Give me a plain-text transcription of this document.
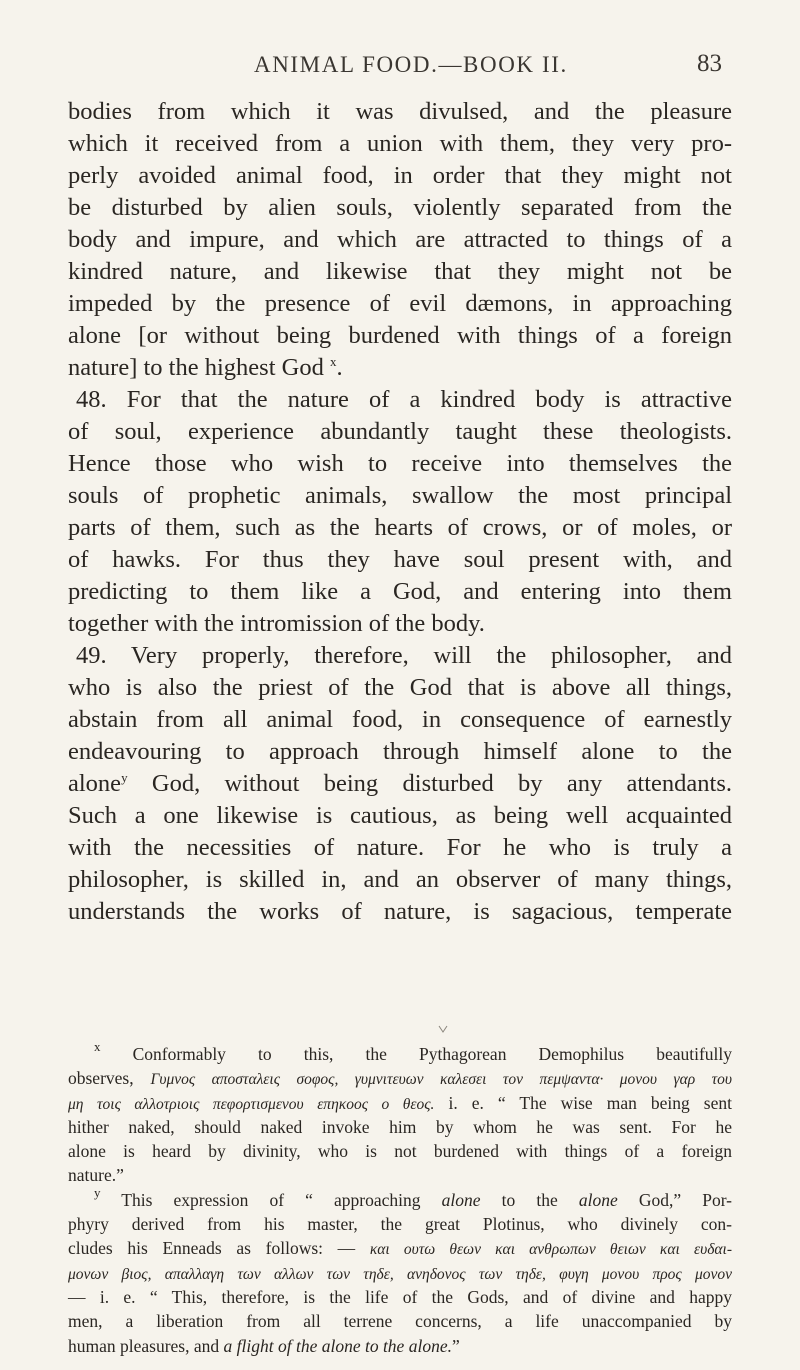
ANIMAL FOOD.—BOOK II.	83
bodies from which it was divulsed, and the pleasure
which it received from a union with them, they very pro-
perly avoided animal food, in order that they might not
be disturbed by alien souls, violently separated from the
body and impure, and which are attracted to things of a
kindred nature, and likewise that they might not be
impeded by the presence of evil dæmons, in approaching
alone [or without being burdened with things of a foreign
nature] to the highest God $^x$.
48. For that the nature of a kindred body is attractive
of soul, experience abundantly taught these theologists.
Hence those who wish to receive into themselves the
souls of prophetic animals, swallow the most principal
parts of them, such as the hearts of crows, or of moles, or
of hawks. For thus they have soul present with, and
predicting to them like a God, and entering into them
together with the intromission of the body.
49. Very properly, therefore, will the philosopher, and
who is also the priest of the God that is above all things,
abstain from all animal food, in consequence of earnestly
endeavouring to approach through himself alone to the
alone$^y$ God, without being disturbed by any attendants.
Such a one likewise is cautious, as being well acquainted
with the necessities of nature. For he who is truly a
philosopher, is skilled in, and an observer of many things,
understands the works of nature, is sagacious, temperate
$^x$ Conformably to this, the Pythagorean Demophilus beautifully
observes, Γυμνος αποσταλεις σοφος, γυμνιτευων καλεσει τον πεμψαντα· μονου γαρ του
μη τοις αλλοτριοις πεφορτισμενου επηκοος ο θεος. i. e. “ The wise man being sent
hither naked, should naked invoke him by whom he was sent. For he
alone is heard by divinity, who is not burdened with things of a foreign
nature.”
$^y$ This expression of “ approaching alone to the alone God,” Por-
phyry derived from his master, the great Plotinus, who divinely con-
cludes his Enneads as follows: — και ουτω θεων και ανθρωπων θειων και ευδαι-
μονων βιος, απαλλαγη των αλλων των τηδε, ανηδονος των τηδε, φυγη μονου προς μονον
— i. e. “ This, therefore, is the life of the Gods, and of divine and happy
men, a liberation from all terrene concerns, a life unaccompanied by
human pleasures, and a flight of the alone to the alone.”
